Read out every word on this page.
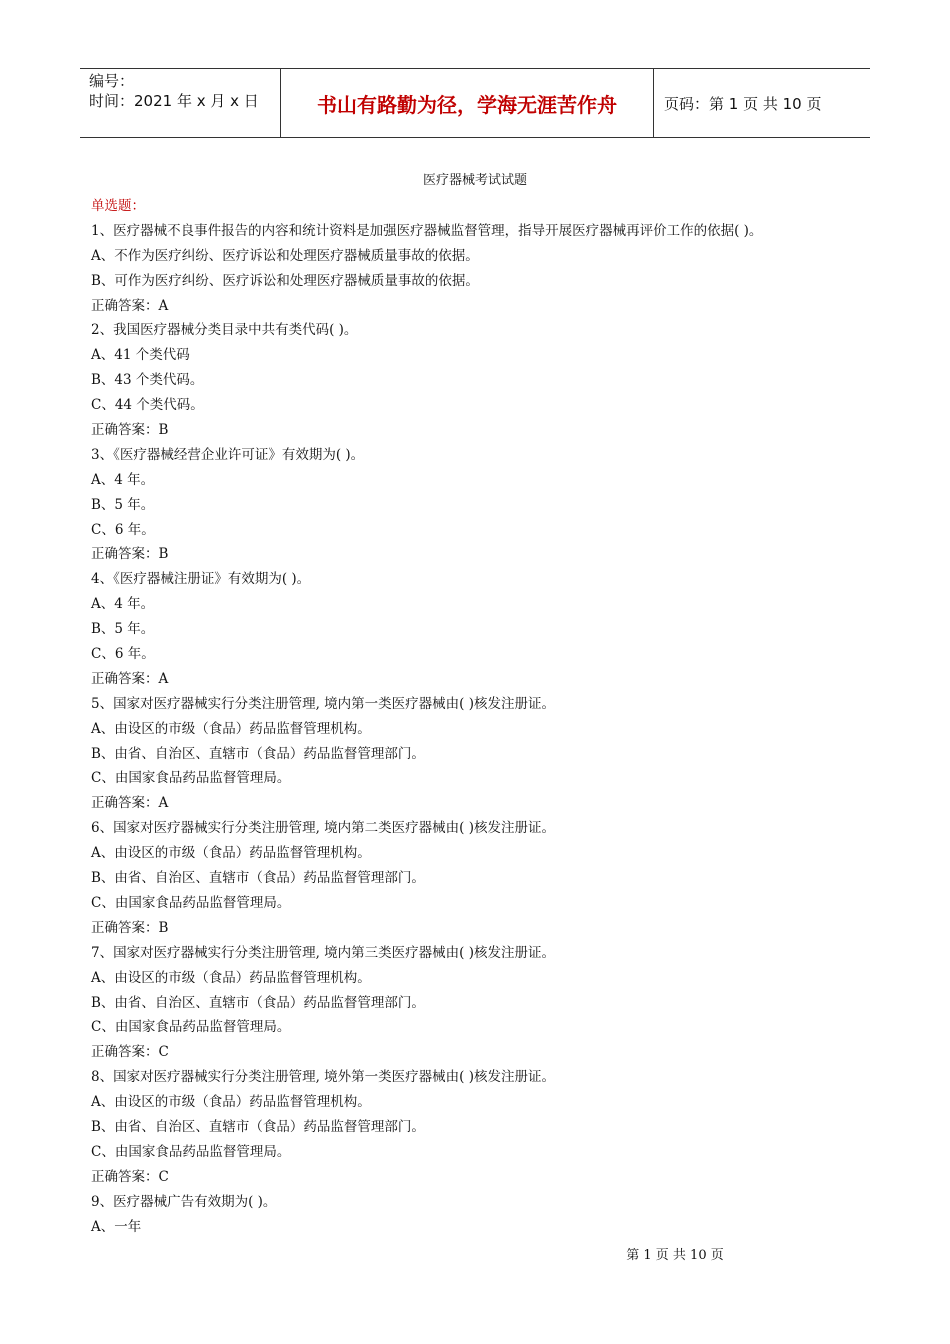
编号：
时间：2021 年 x 月 x 日	书山有路勤为径，学海无涯苦作舟	页码：第 1 页 共 10 页
医疗器械考试试题
单选题：
1、医疗器械不良事件报告的内容和统计资料是加强医疗器械监督管理，指导开展医疗器械再评价工作的依据( )。
A、不作为医疗纠纷、医疗诉讼和处理医疗器械质量事故的依据。
B、可作为医疗纠纷、医疗诉讼和处理医疗器械质量事故的依据。
正确答案：A
2、我国医疗器械分类目录中共有类代码( )。
A、41 个类代码
B、43 个类代码。
C、44 个类代码。
正确答案：B
3、《医疗器械经营企业许可证》有效期为( )。
A、4 年。
B、5 年。
C、6 年。
正确答案：B
4、《医疗器械注册证》有效期为( )。
A、4 年。
B、5 年。
C、6 年。
正确答案：A
5、国家对医疗器械实行分类注册管理, 境内第一类医疗器械由( )核发注册证。
A、由设区的市级（食品）药品监督管理机构。
B、由省、自治区、直辖市（食品）药品监督管理部门。
C、由国家食品药品监督管理局。
正确答案：A
6、国家对医疗器械实行分类注册管理, 境内第二类医疗器械由( )核发注册证。
A、由设区的市级（食品）药品监督管理机构。
B、由省、自治区、直辖市（食品）药品监督管理部门。
C、由国家食品药品监督管理局。
正确答案：B
7、国家对医疗器械实行分类注册管理, 境内第三类医疗器械由( )核发注册证。
A、由设区的市级（食品）药品监督管理机构。
B、由省、自治区、直辖市（食品）药品监督管理部门。
C、由国家食品药品监督管理局。
正确答案：C
8、国家对医疗器械实行分类注册管理, 境外第一类医疗器械由( )核发注册证。
A、由设区的市级（食品）药品监督管理机构。
B、由省、自治区、直辖市（食品）药品监督管理部门。
C、由国家食品药品监督管理局。
正确答案：C
9、医疗器械广告有效期为( )。
A、一年
第 1 页 共 10 页
